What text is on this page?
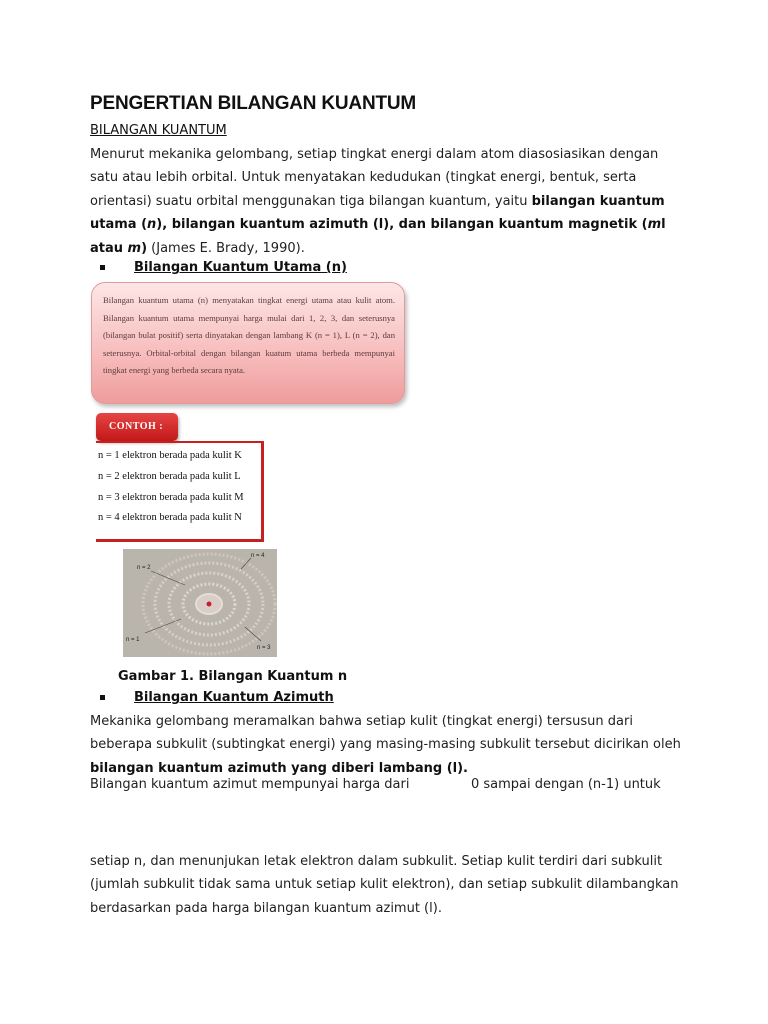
PENGERTIAN BILANGAN KUANTUM
BILANGAN KUANTUM

Menurut mekanika gelombang, setiap tingkat energi dalam atom diasosiasikan dengan satu atau lebih orbital. Untuk menyatakan kedudukan (tingkat energi, bentuk, serta orientasi) suatu orbital menggunakan tiga bilangan kuantum, yaitu bilangan kuantum utama (n), bilangan kuantum azimuth (l), dan bilangan kuantum magnetik (ml atau m) (James E. Brady, 1990).

Bilangan Kuantum Utama (n)

Bilangan kuantum utama (n) menyatakan tingkat energi utama atau kulit atom. Bilangan kuantum utama mempunyai harga mulai dari 1, 2, 3, dan seterusnya (bilangan bulat positif) serta dinyatakan dengan lambang K (n = 1), L (n = 2), dan seterusnya. Orbital-orbital dengan bilangan kuatum utama berbeda mempunyai tingkat energi yang berbeda secara nyata.

CONTOH :
n = 1 elektron berada pada kulit K
n = 2 elektron berada pada kulit L
n = 3 elektron berada pada kulit M
n = 4 elektron berada pada kulit N
n = 2
n = 4
n = 1
n = 3
Gambar 1. Bilangan Kuantum n
Bilangan Kuantum Azimuth

Mekanika gelombang meramalkan bahwa setiap kulit (tingkat energi) tersusun dari beberapa subkulit (subtingkat energi) yang masing-masing subkulit tersebut dicirikan oleh bilangan kuantum azimuth yang diberi lambang (l).

Bilangan kuantum azimut mempunyai harga dari	0 sampai dengan (n-1) untuk

setiap n, dan menunjukan letak elektron dalam subkulit. Setiap kulit terdiri dari subkulit (jumlah subkulit tidak sama untuk setiap kulit elektron), dan setiap subkulit dilambangkan berdasarkan pada harga bilangan kuantum azimut (l).
